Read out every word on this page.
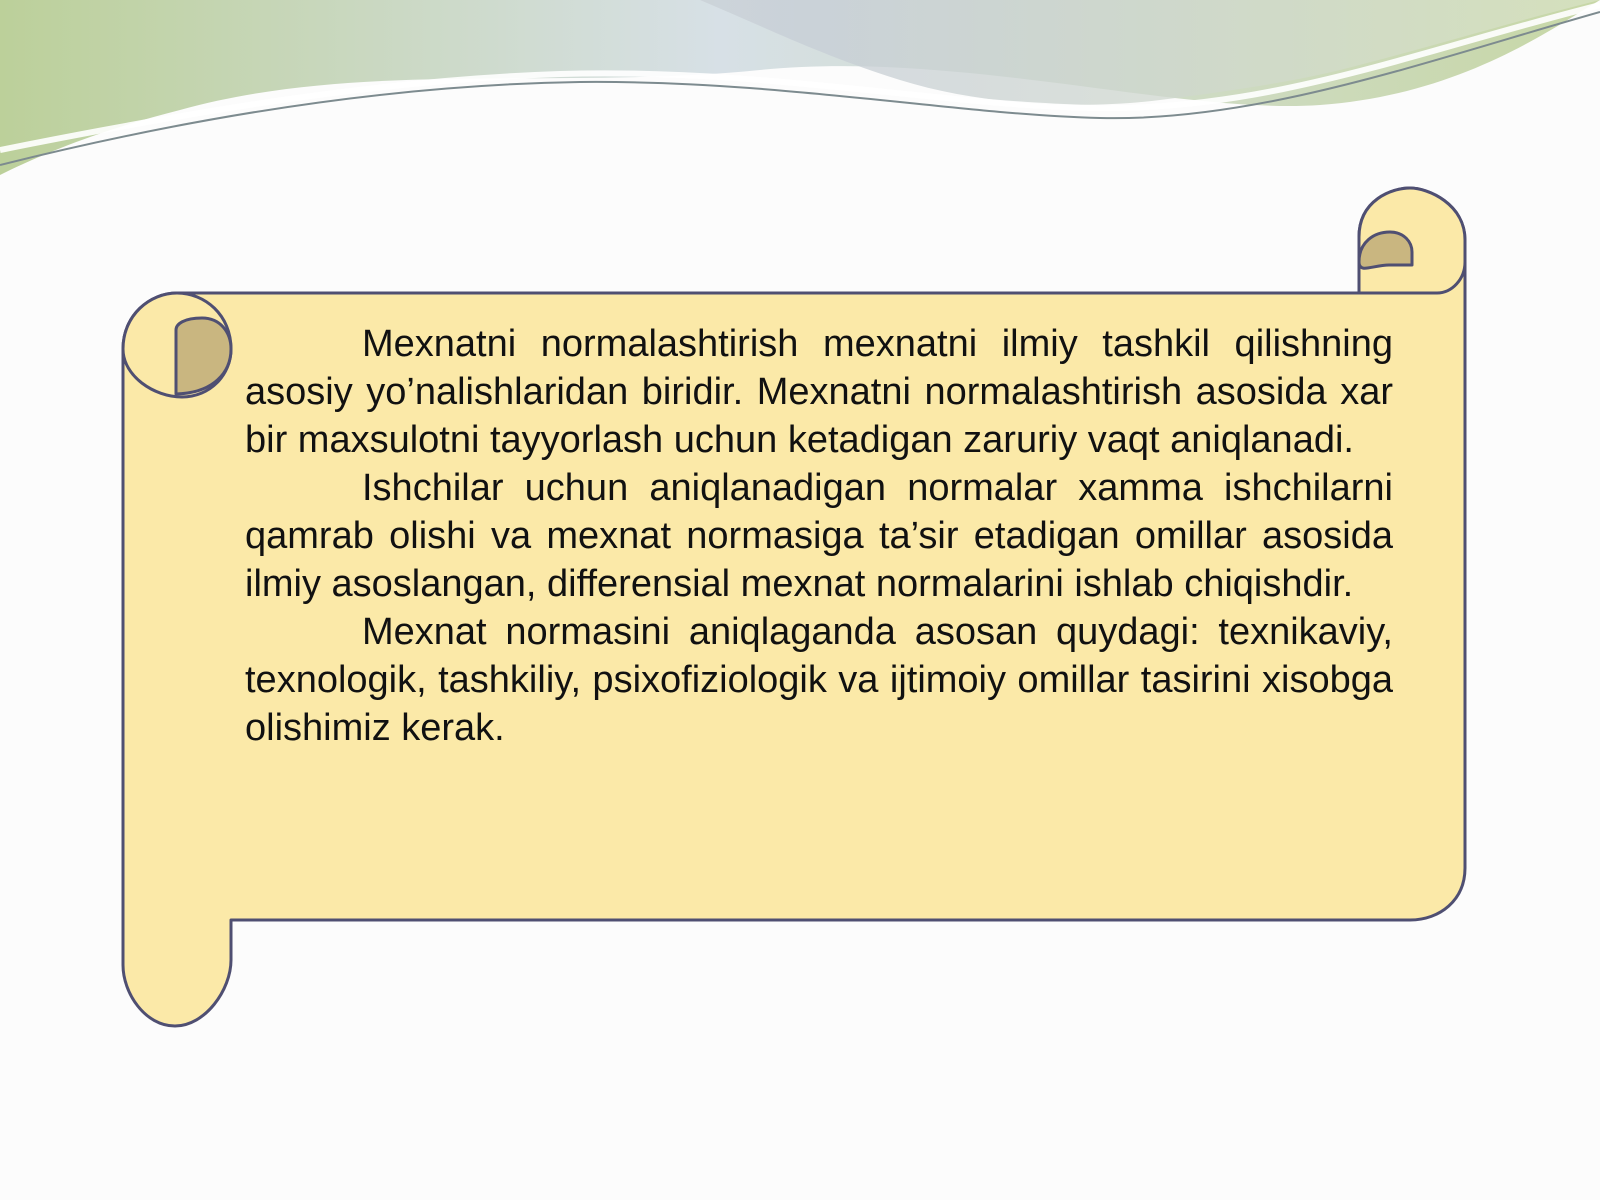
Mexnatni normalashtirish mexnatni ilmiy tashkil qilishning asosiy yo’nalishlaridan biridir. Mexnatni normalashtirish asosida xar bir maxsulotni tayyorlash uchun ketadigan zaruriy vaqt aniqlanadi.

Ishchilar uchun aniqlanadigan normalar xamma ishchilarni qamrab olishi va mexnat normasiga ta’sir etadigan omillar asosida ilmiy asoslangan, differensial mexnat normalarini ishlab chiqishdir.

Mexnat normasini aniqlaganda asosan quydagi: texnikaviy, texnologik, tashkiliy, psixofiziologik va ijtimoiy omillar tasirini xisobga olishimiz kerak.
